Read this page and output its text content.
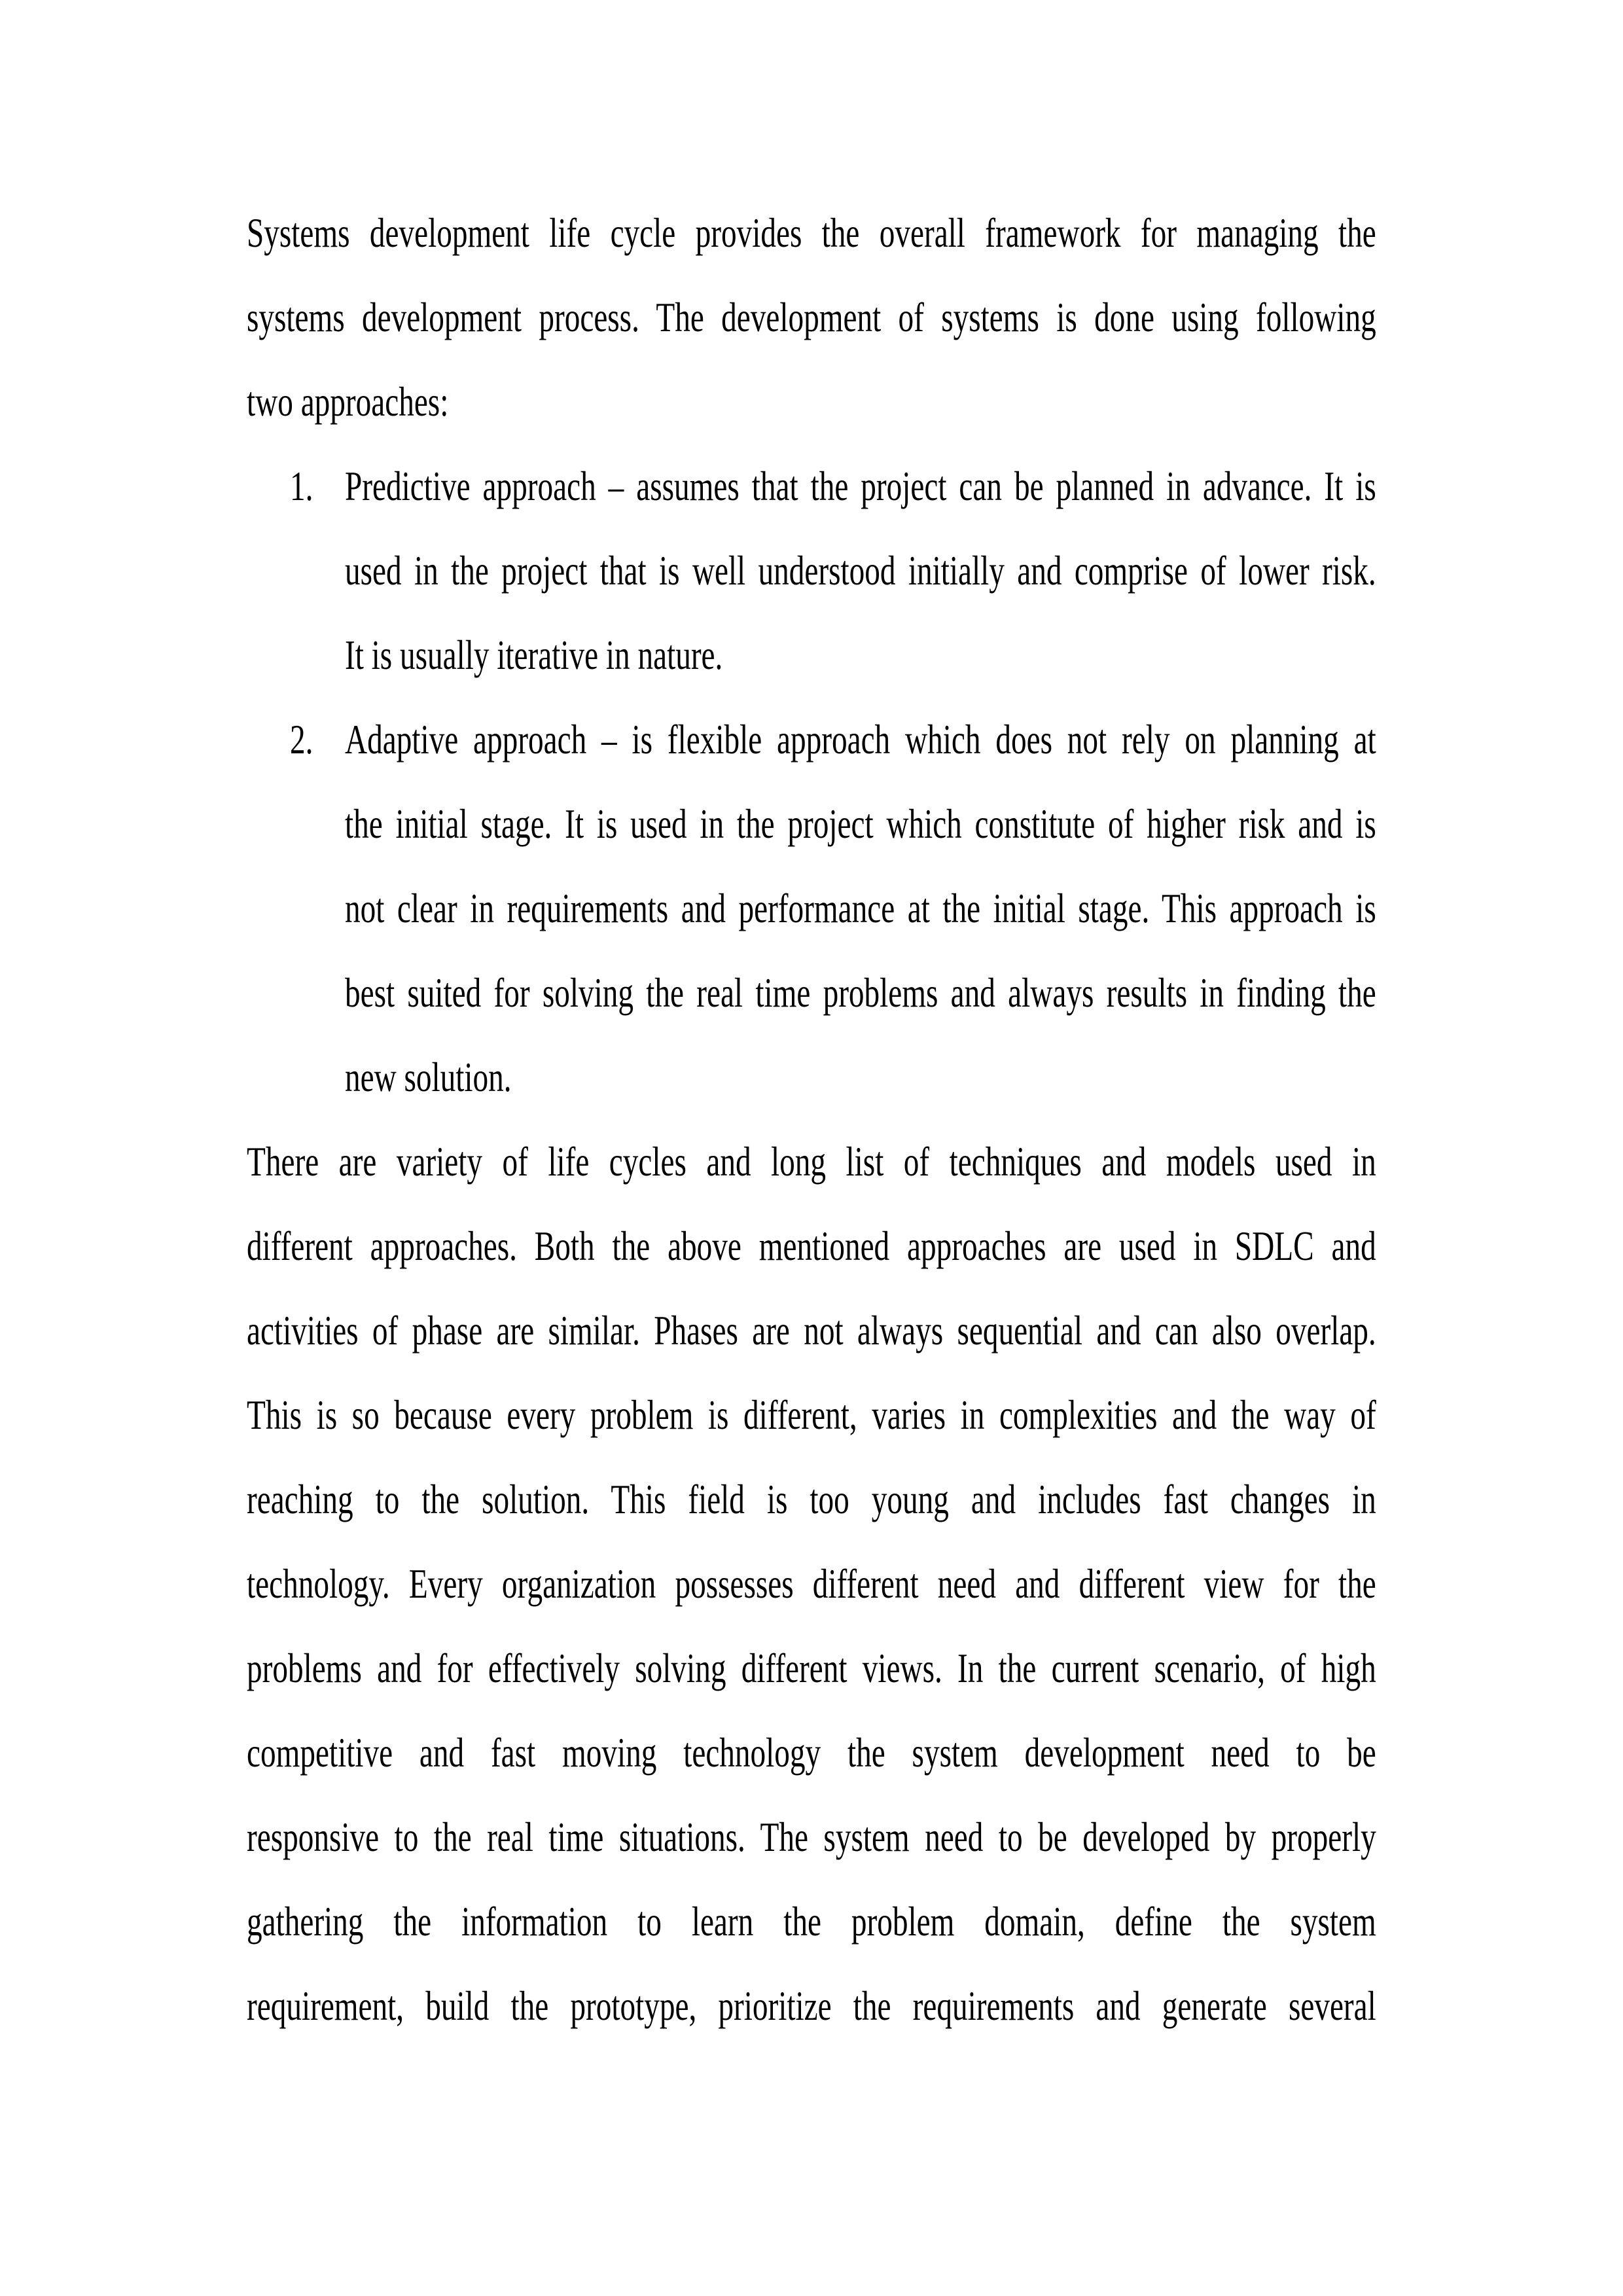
Systems development life cycle provides the overall framework for managing the
systems development process. The development of systems is done using following
two approaches:
1. Predictive approach – assumes that the project can be planned in advance. It is
used in the project that is well understood initially and comprise of lower risk.
It is usually iterative in nature.
2. Adaptive approach – is flexible approach which does not rely on planning at
the initial stage. It is used in the project which constitute of higher risk and is
not clear in requirements and performance at the initial stage. This approach is
best suited for solving the real time problems and always results in finding the
new solution.
There are variety of life cycles and long list of techniques and models used in
different approaches. Both the above mentioned approaches are used in SDLC and
activities of phase are similar. Phases are not always sequential and can also overlap.
This is so because every problem is different, varies in complexities and the way of
reaching to the solution. This field is too young and includes fast changes in
technology. Every organization possesses different need and different view for the
problems and for effectively solving different views. In the current scenario, of high
competitive and fast moving technology the system development need to be
responsive to the real time situations. The system need to be developed by properly
gathering the information to learn the problem domain, define the system
requirement, build the prototype, prioritize the requirements and generate several
